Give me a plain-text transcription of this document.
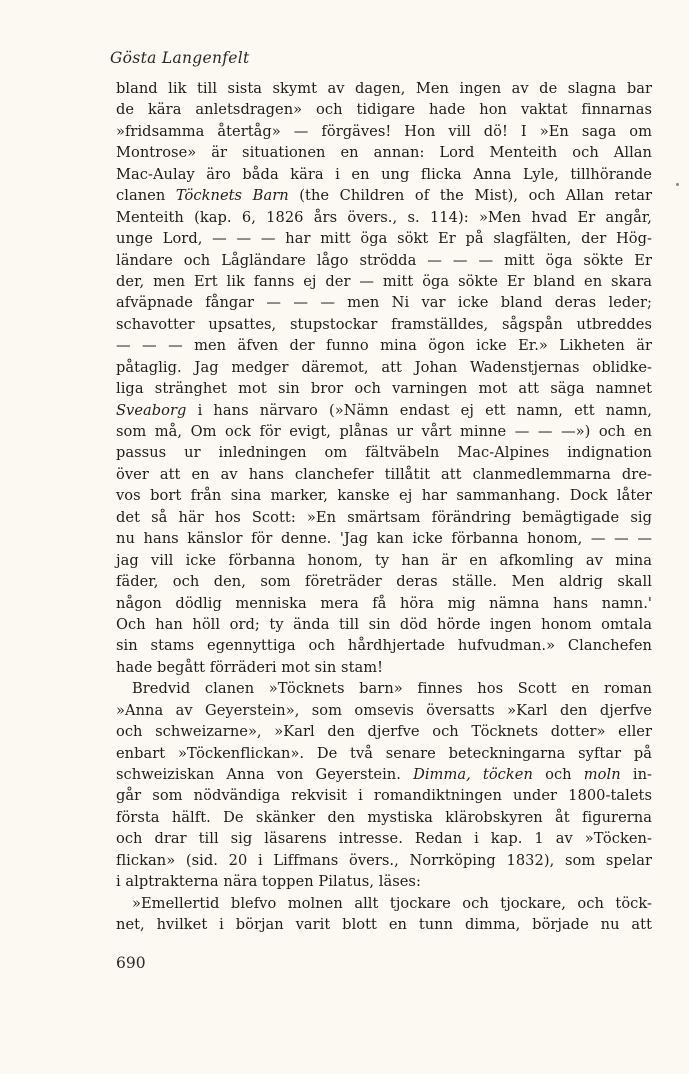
Gösta Langenfelt
bland lik till sista skymt av dagen, Men ingen av de slagna bar
de kära anletsdragen» och tidigare hade hon vaktat finnarnas
»fridsamma återtåg» — förgäves! Hon vill dö! I »En saga om
Montrose» är situationen en annan: Lord Menteith och Allan
Mac-Aulay äro båda kära i en ung flicka Anna Lyle, tillhörande
clanen Töcknets Barn (the Children of the Mist), och Allan retar
Menteith (kap. 6, 1826 års övers., s. 114): »Men hvad Er angår,
unge Lord, — — — har mitt öga sökt Er på slagfälten, der Hög-
ländare och Lågländare lågo strödda — — — mitt öga sökte Er
der, men Ert lik fanns ej der — mitt öga sökte Er bland en skara
afväpnade fångar — — — men Ni var icke bland deras leder;
schavotter upsattes, stupstockar framställdes, sågspån utbreddes
— — — men äfven der funno mina ögon icke Er.» Likheten är
påtaglig. Jag medger däremot, att Johan Wadenstjernas oblidke-
liga stränghet mot sin bror och varningen mot att säga namnet
Sveaborg i hans närvaro (»Nämn endast ej ett namn, ett namn,
som må, Om ock för evigt, plånas ur vårt minne — — —») och en
passus ur inledningen om fältväbeln Mac-Alpines indignation
över att en av hans clanchefer tillåtit att clanmedlemmarna dre-
vos bort från sina marker, kanske ej har sammanhang. Dock låter
det så här hos Scott: »En smärtsam förändring bemägtigade sig
nu hans känslor för denne. 'Jag kan icke förbanna honom, — — —
jag vill icke förbanna honom, ty han är en afkomling av mina
fäder, och den, som företräder deras ställe. Men aldrig skall
någon dödlig menniska mera få höra mig nämna hans namn.'
Och han höll ord; ty ända till sin död hörde ingen honom omtala
sin stams egennyttiga och hårdhjertade hufvudman.» Clanchefen
hade begått förräderi mot sin stam!
Bredvid clanen »Töcknets barn» finnes hos Scott en roman
»Anna av Geyerstein», som omsevis översatts »Karl den djerfve
och schweizarne», »Karl den djerfve och Töcknets dotter» eller
enbart »Töckenflickan». De två senare beteckningarna syftar på
schweiziskan Anna von Geyerstein. Dimma, töcken och moln in-
går som nödvändiga rekvisit i romandiktningen under 1800-talets
första hälft. De skänker den mystiska klärobskyren åt figurerna
och drar till sig läsarens intresse. Redan i kap. 1 av »Töcken-
flickan» (sid. 20 i Liffmans övers., Norrköping 1832), som spelar
i alptrakterna nära toppen Pilatus, läses:
»Emellertid blefvo molnen allt tjockare och tjockare, och töck-
net, hvilket i början varit blott en tunn dimma, började nu att
690
